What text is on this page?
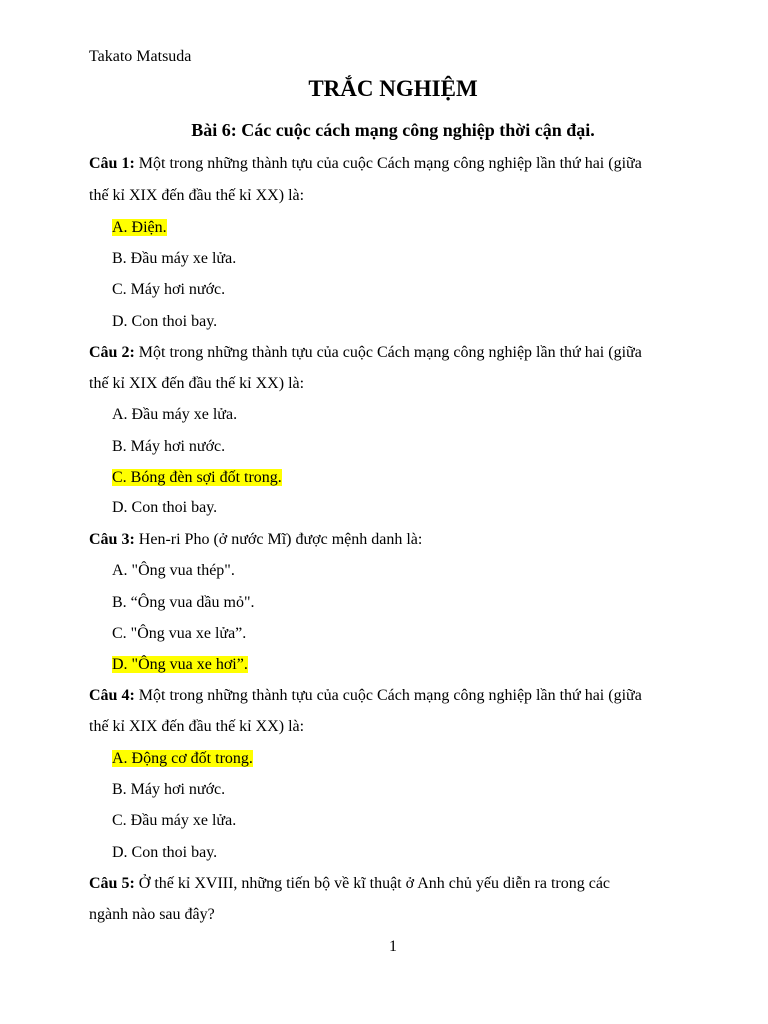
Takato Matsuda
TRẮC NGHIỆM
Bài 6: Các cuộc cách mạng công nghiệp thời cận đại.
Câu 1: Một trong những thành tựu của cuộc Cách mạng công nghiệp lần thứ hai (giữa
thế kỉ XIX đến đầu thế kỉ XX) là:
A. Điện.
B. Đầu máy xe lửa.
C. Máy hơi nước.
D. Con thoi bay.
Câu 2: Một trong những thành tựu của cuộc Cách mạng công nghiệp lần thứ hai (giữa
thế kỉ XIX đến đầu thế kỉ XX) là:
A. Đầu máy xe lửa.
B. Máy hơi nước.
C. Bóng đèn sợi đốt trong.
D. Con thoi bay.
Câu 3: Hen-ri Pho (ở nước Mĩ) được mệnh danh là:
A. "Ông vua thép".
B. “Ông vua dầu mỏ".
C. "Ông vua xe lửa”.
D. "Ông vua xe hơi”.
Câu 4: Một trong những thành tựu của cuộc Cách mạng công nghiệp lần thứ hai (giữa
thế kỉ XIX đến đầu thế kỉ XX) là:
A. Động cơ đốt trong.
B. Máy hơi nước.
C. Đầu máy xe lửa.
D. Con thoi bay.
Câu 5: Ở thế kỉ XVIII, những tiến bộ về kĩ thuật ở Anh chủ yếu diễn ra trong các
ngành nào sau đây?
1
